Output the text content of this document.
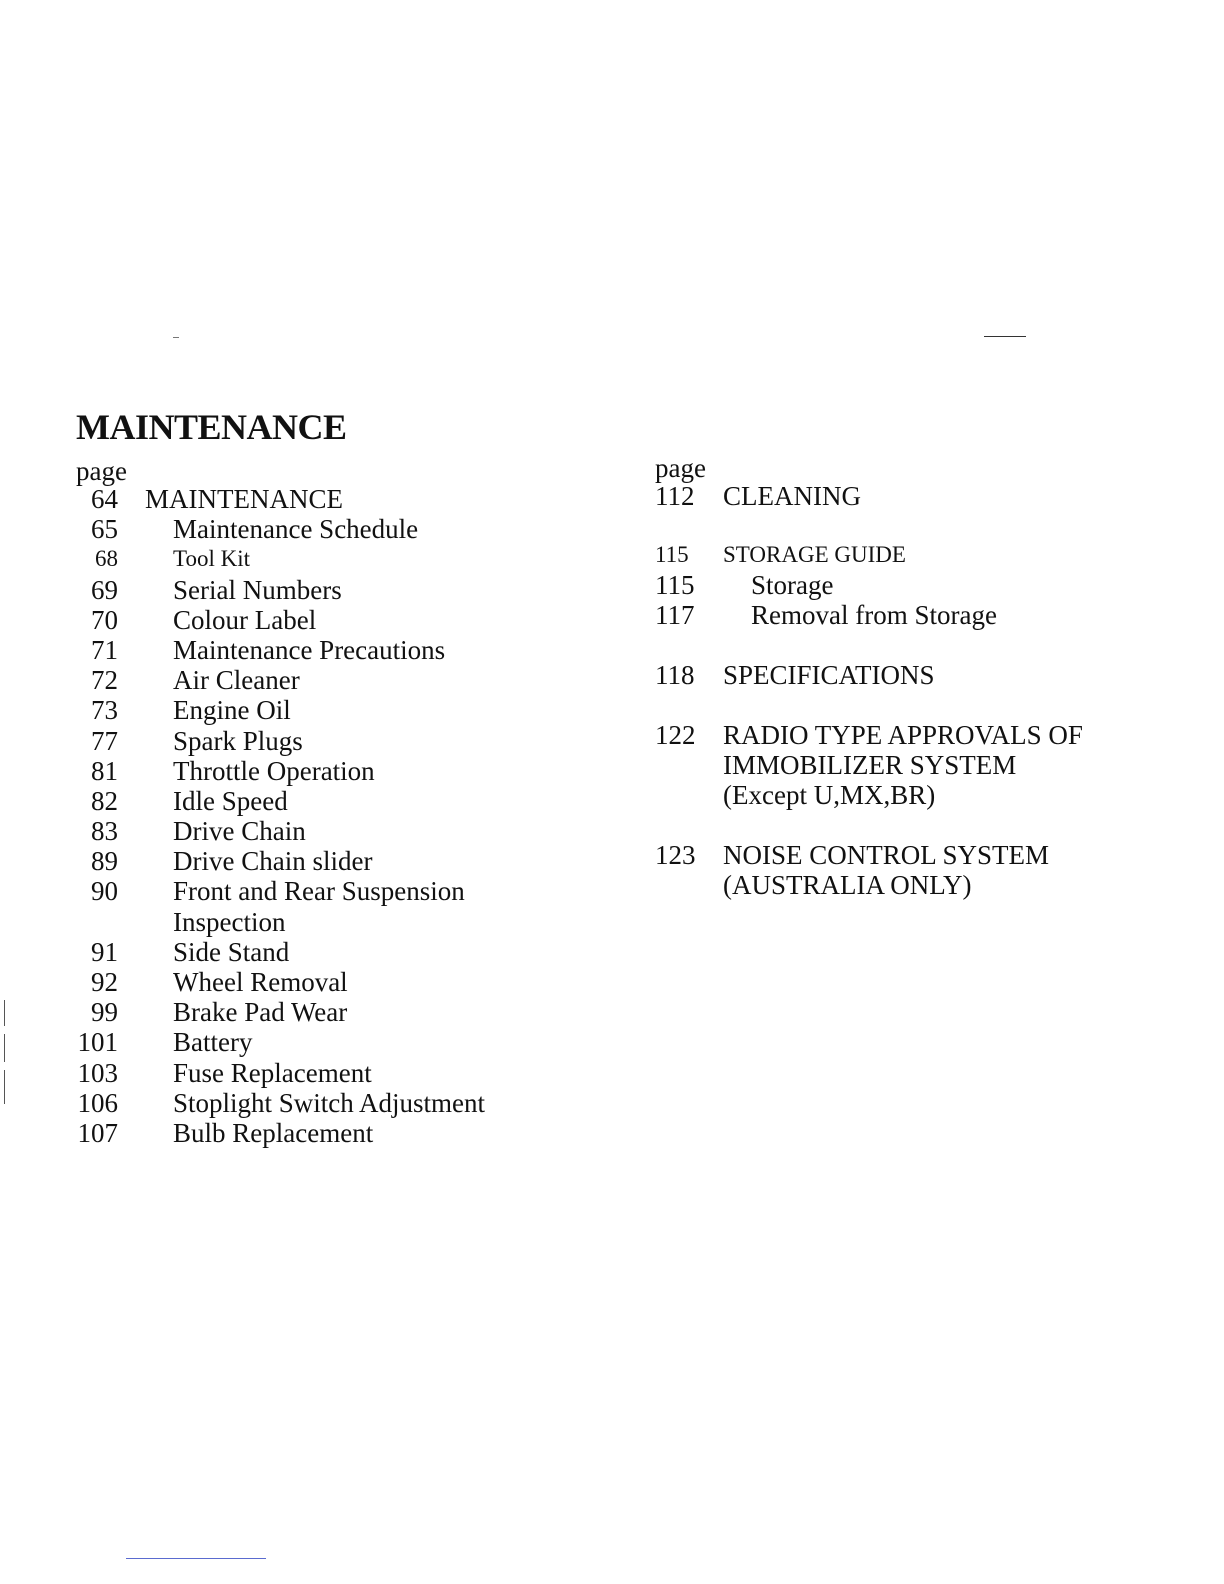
MAINTENANCE
page	page
64 MAINTENANCE
65 Maintenance Schedule
68 Tool Kit
69 Serial Numbers
70 Colour Label
71 Maintenance Precautions
72 Air Cleaner
73 Engine Oil
77 Spark Plugs
81 Throttle Operation
82 Idle Speed
83 Drive Chain
89 Drive Chain slider
90 Front and Rear Suspension
Inspection
91 Side Stand
92 Wheel Removal
99 Brake Pad Wear
101 Battery
103 Fuse Replacement
106 Stoplight Switch Adjustment
107 Bulb Replacement
112 CLEANING
115	STORAGE GUIDE
115 Storage
117 Removal from Storage
118 SPECIFICATIONS
122 RADIO TYPE APPROVALS OF
IMMOBILIZER SYSTEM
(Except U,MX,BR)
123 NOISE CONTROL SYSTEM
(AUSTRALIA ONLY)
